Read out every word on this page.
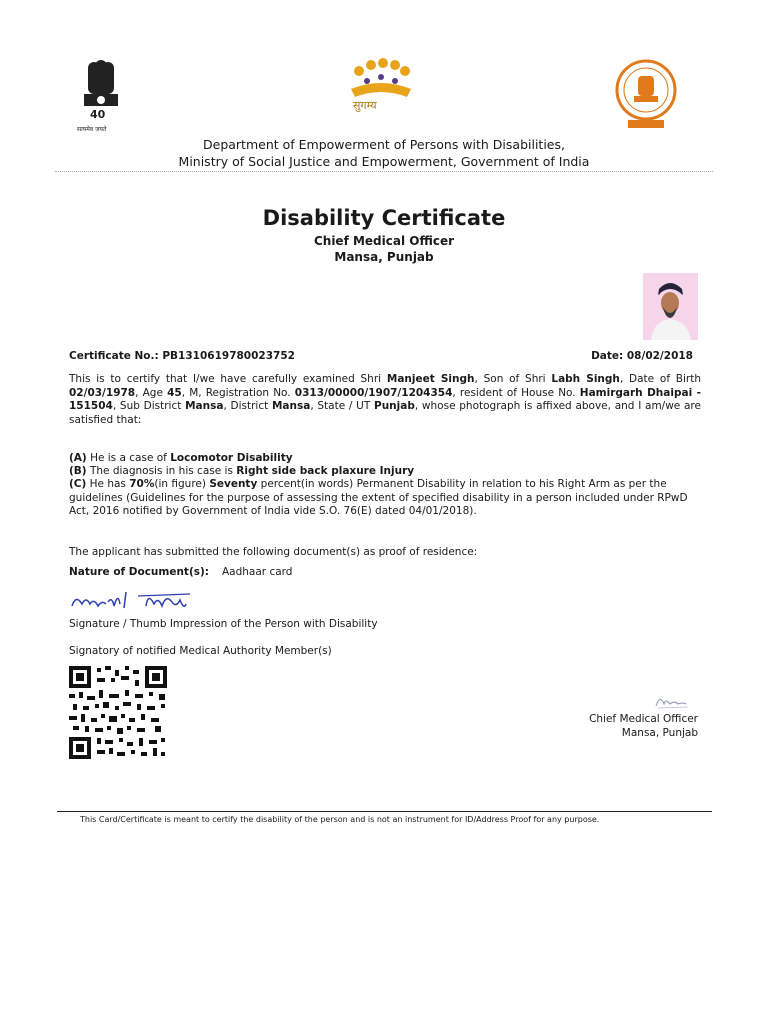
40
सत्यमेव जयते
सुगम्य
Department of Empowerment of Persons with Disabilities,
Ministry of Social Justice and Empowerment, Government of India
Disability Certificate
Chief Medical Officer
Mansa, Punjab
Certificate No.: PB1310619780023752	Date: 08/02/2018
This is to certify that I/we have carefully examined Shri Manjeet Singh, Son of Shri Labh Singh, Date of Birth 02/03/1978, Age 45, M, Registration No. 0313/00000/1907/1204354, resident of House No. Hamirgarh Dhaipai - 151504, Sub District Mansa, District Mansa, State / UT Punjab, whose photograph is affixed above, and I am/we are satisfied that:
(A) He is a case of Locomotor Disability
(B) The diagnosis in his case is Right side back plaxure Injury
(C) He has 70%(in figure) Seventy percent(in words) Permanent Disability in relation to his Right Arm as per the guidelines (Guidelines for the purpose of assessing the extent of specified disability in a person included under RPwD Act, 2016 notified by Government of India vide S.O. 76(E) dated 04/01/2018).
The applicant has submitted the following document(s) as proof of residence:
Nature of Document(s): Aadhaar card
Signature / Thumb Impression of the Person with Disability
Signatory of notified Medical Authority Member(s)
Chief Medical Officer
Mansa, Punjab
This Card/Certificate is meant to certify the disability of the person and is not an instrument for ID/Address Proof for any purpose.
